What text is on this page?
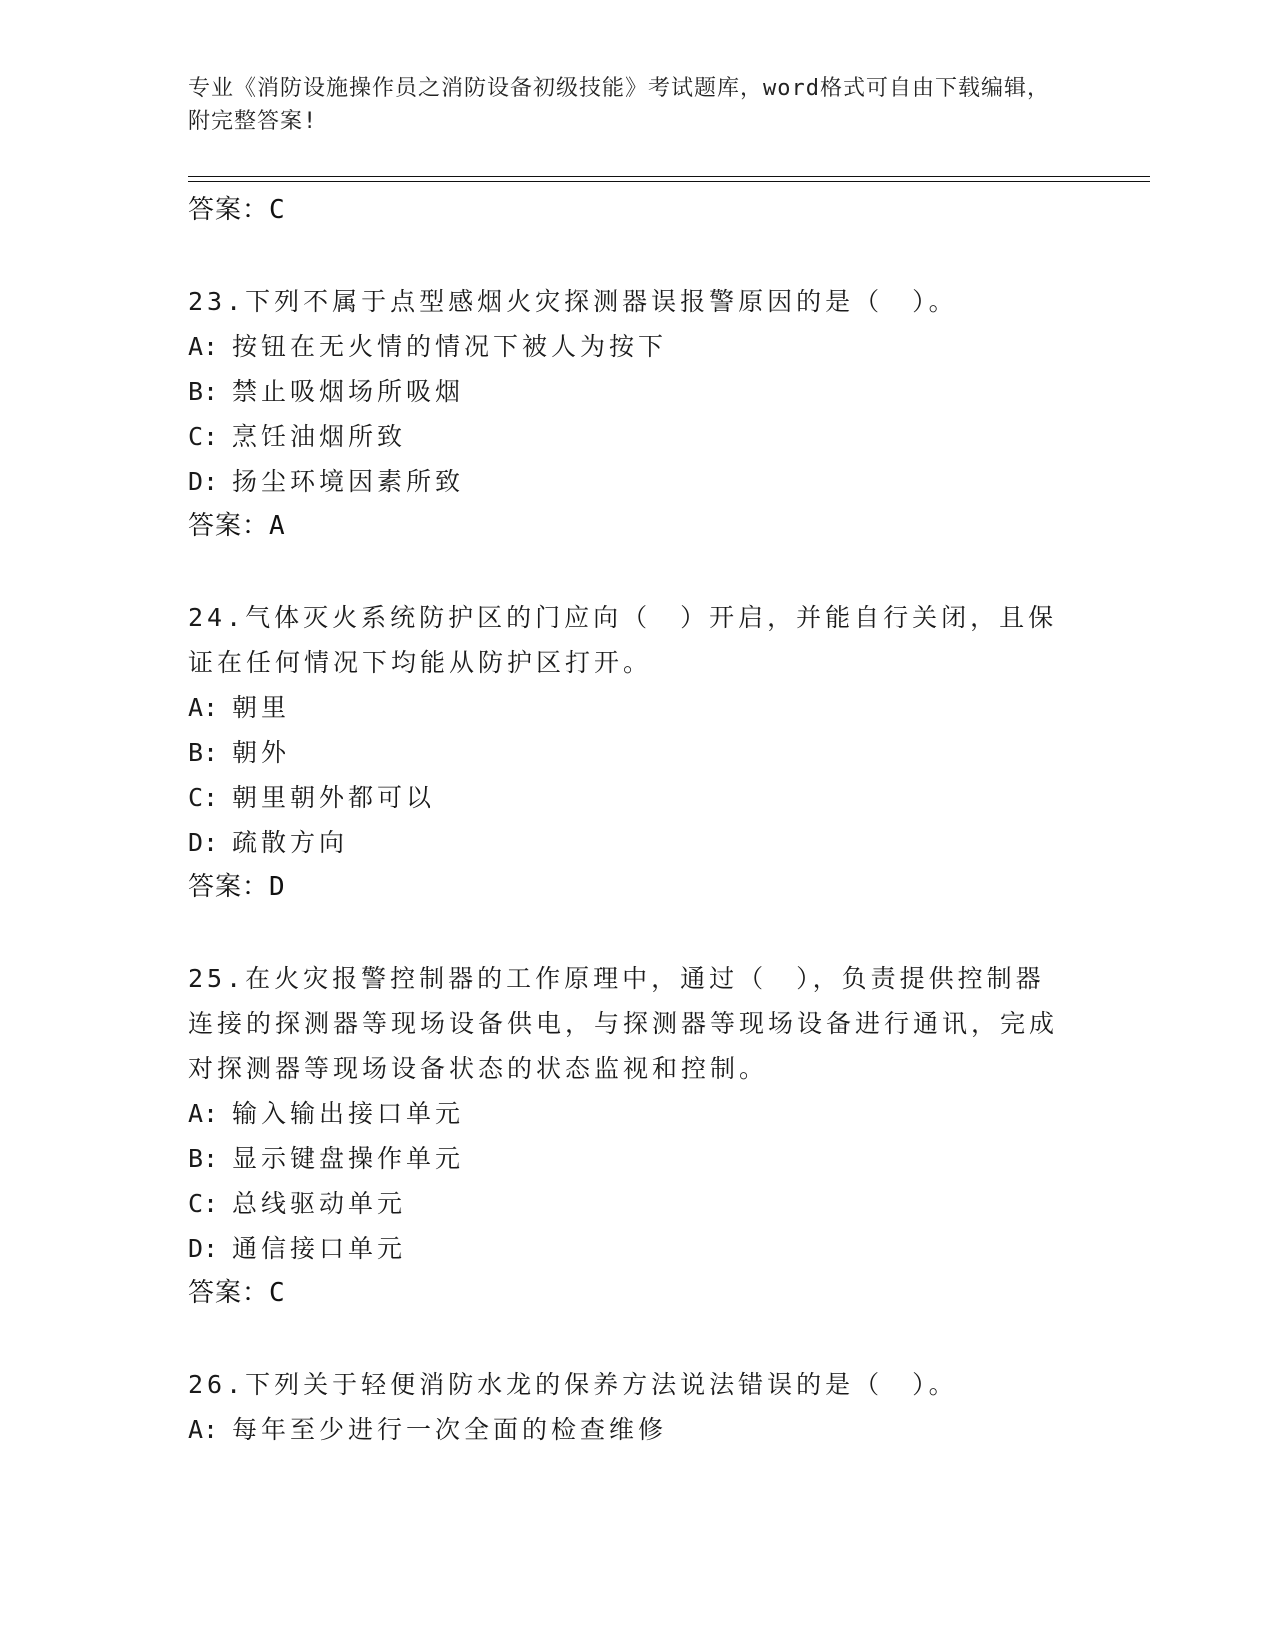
专业《消防设施操作员之消防设备初级技能》考试题库，word格式可自由下载编辑，附完整答案!
答案：C
23.下列不属于点型感烟火灾探测器误报警原因的是（　）。
A: 按钮在无火情的情况下被人为按下
B: 禁止吸烟场所吸烟
C: 烹饪油烟所致
D: 扬尘环境因素所致
答案：A
24.气体灭火系统防护区的门应向（　）开启，并能自行关闭，且保证在任何情况下均能从防护区打开。
A: 朝里
B: 朝外
C: 朝里朝外都可以
D: 疏散方向
答案：D
25.在火灾报警控制器的工作原理中，通过（　），负责提供控制器连接的探测器等现场设备供电，与探测器等现场设备进行通讯，完成对探测器等现场设备状态的状态监视和控制。
A: 输入输出接口单元
B: 显示键盘操作单元
C: 总线驱动单元
D: 通信接口单元
答案：C
26.下列关于轻便消防水龙的保养方法说法错误的是（　）。
A: 每年至少进行一次全面的检查维修
